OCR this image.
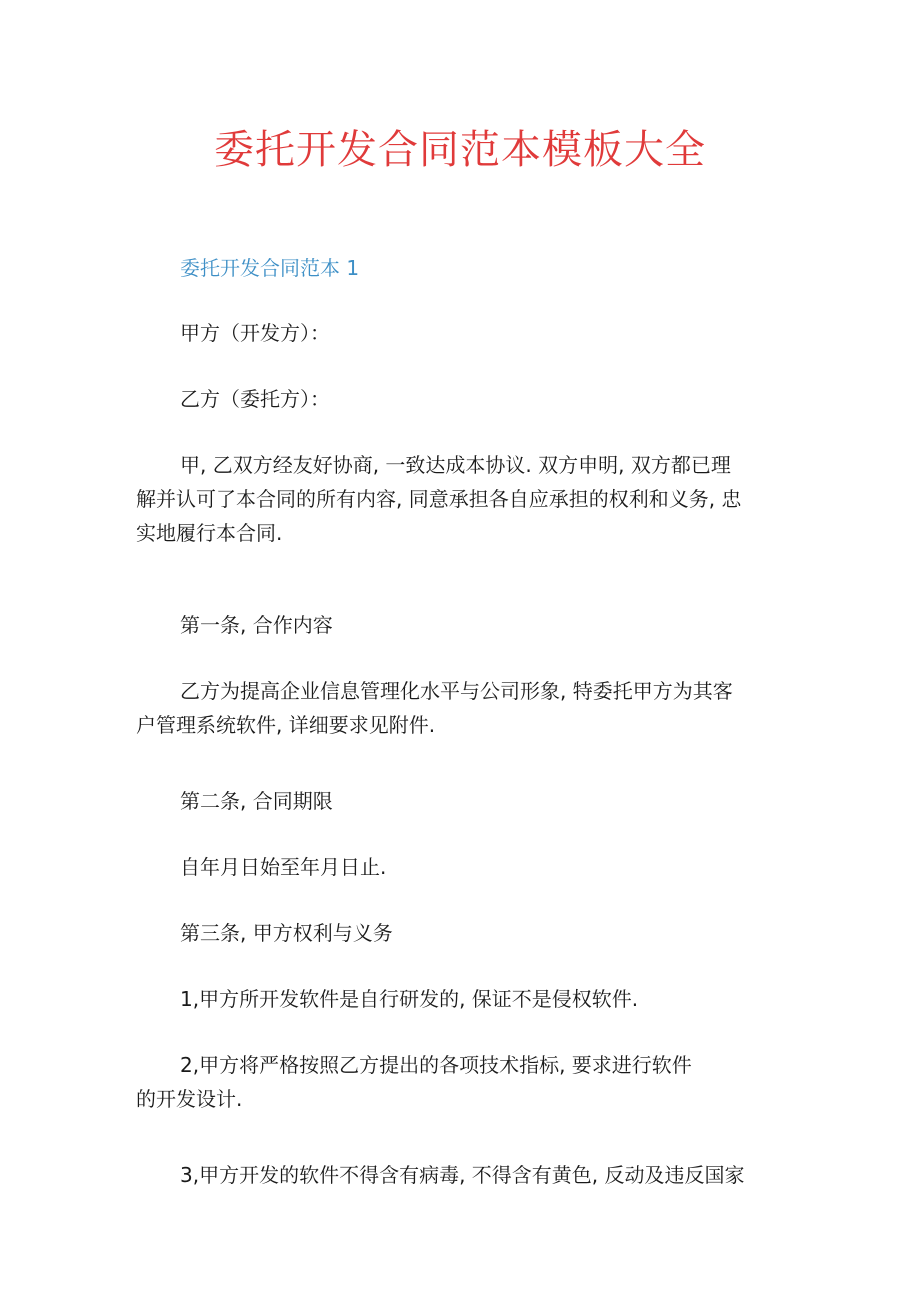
委托开发合同范本模板大全
委托开发合同范本 1
甲方（开发方）：
乙方（委托方）：
甲, 乙双方经友好协商, 一致达成本协议. 双方申明, 双方都已理
解并认可了本合同的所有内容, 同意承担各自应承担的权利和义务, 忠
实地履行本合同.
第一条, 合作内容
乙方为提高企业信息管理化水平与公司形象, 特委托甲方为其客
户管理系统软件, 详细要求见附件.
第二条, 合同期限
自年月日始至年月日止.
第三条, 甲方权利与义务
1,甲方所开发软件是自行研发的, 保证不是侵权软件.
2,甲方将严格按照乙方提出的各项技术指标, 要求进行软件
的开发设计.
3,甲方开发的软件不得含有病毒, 不得含有黄色, 反动及违反国家
